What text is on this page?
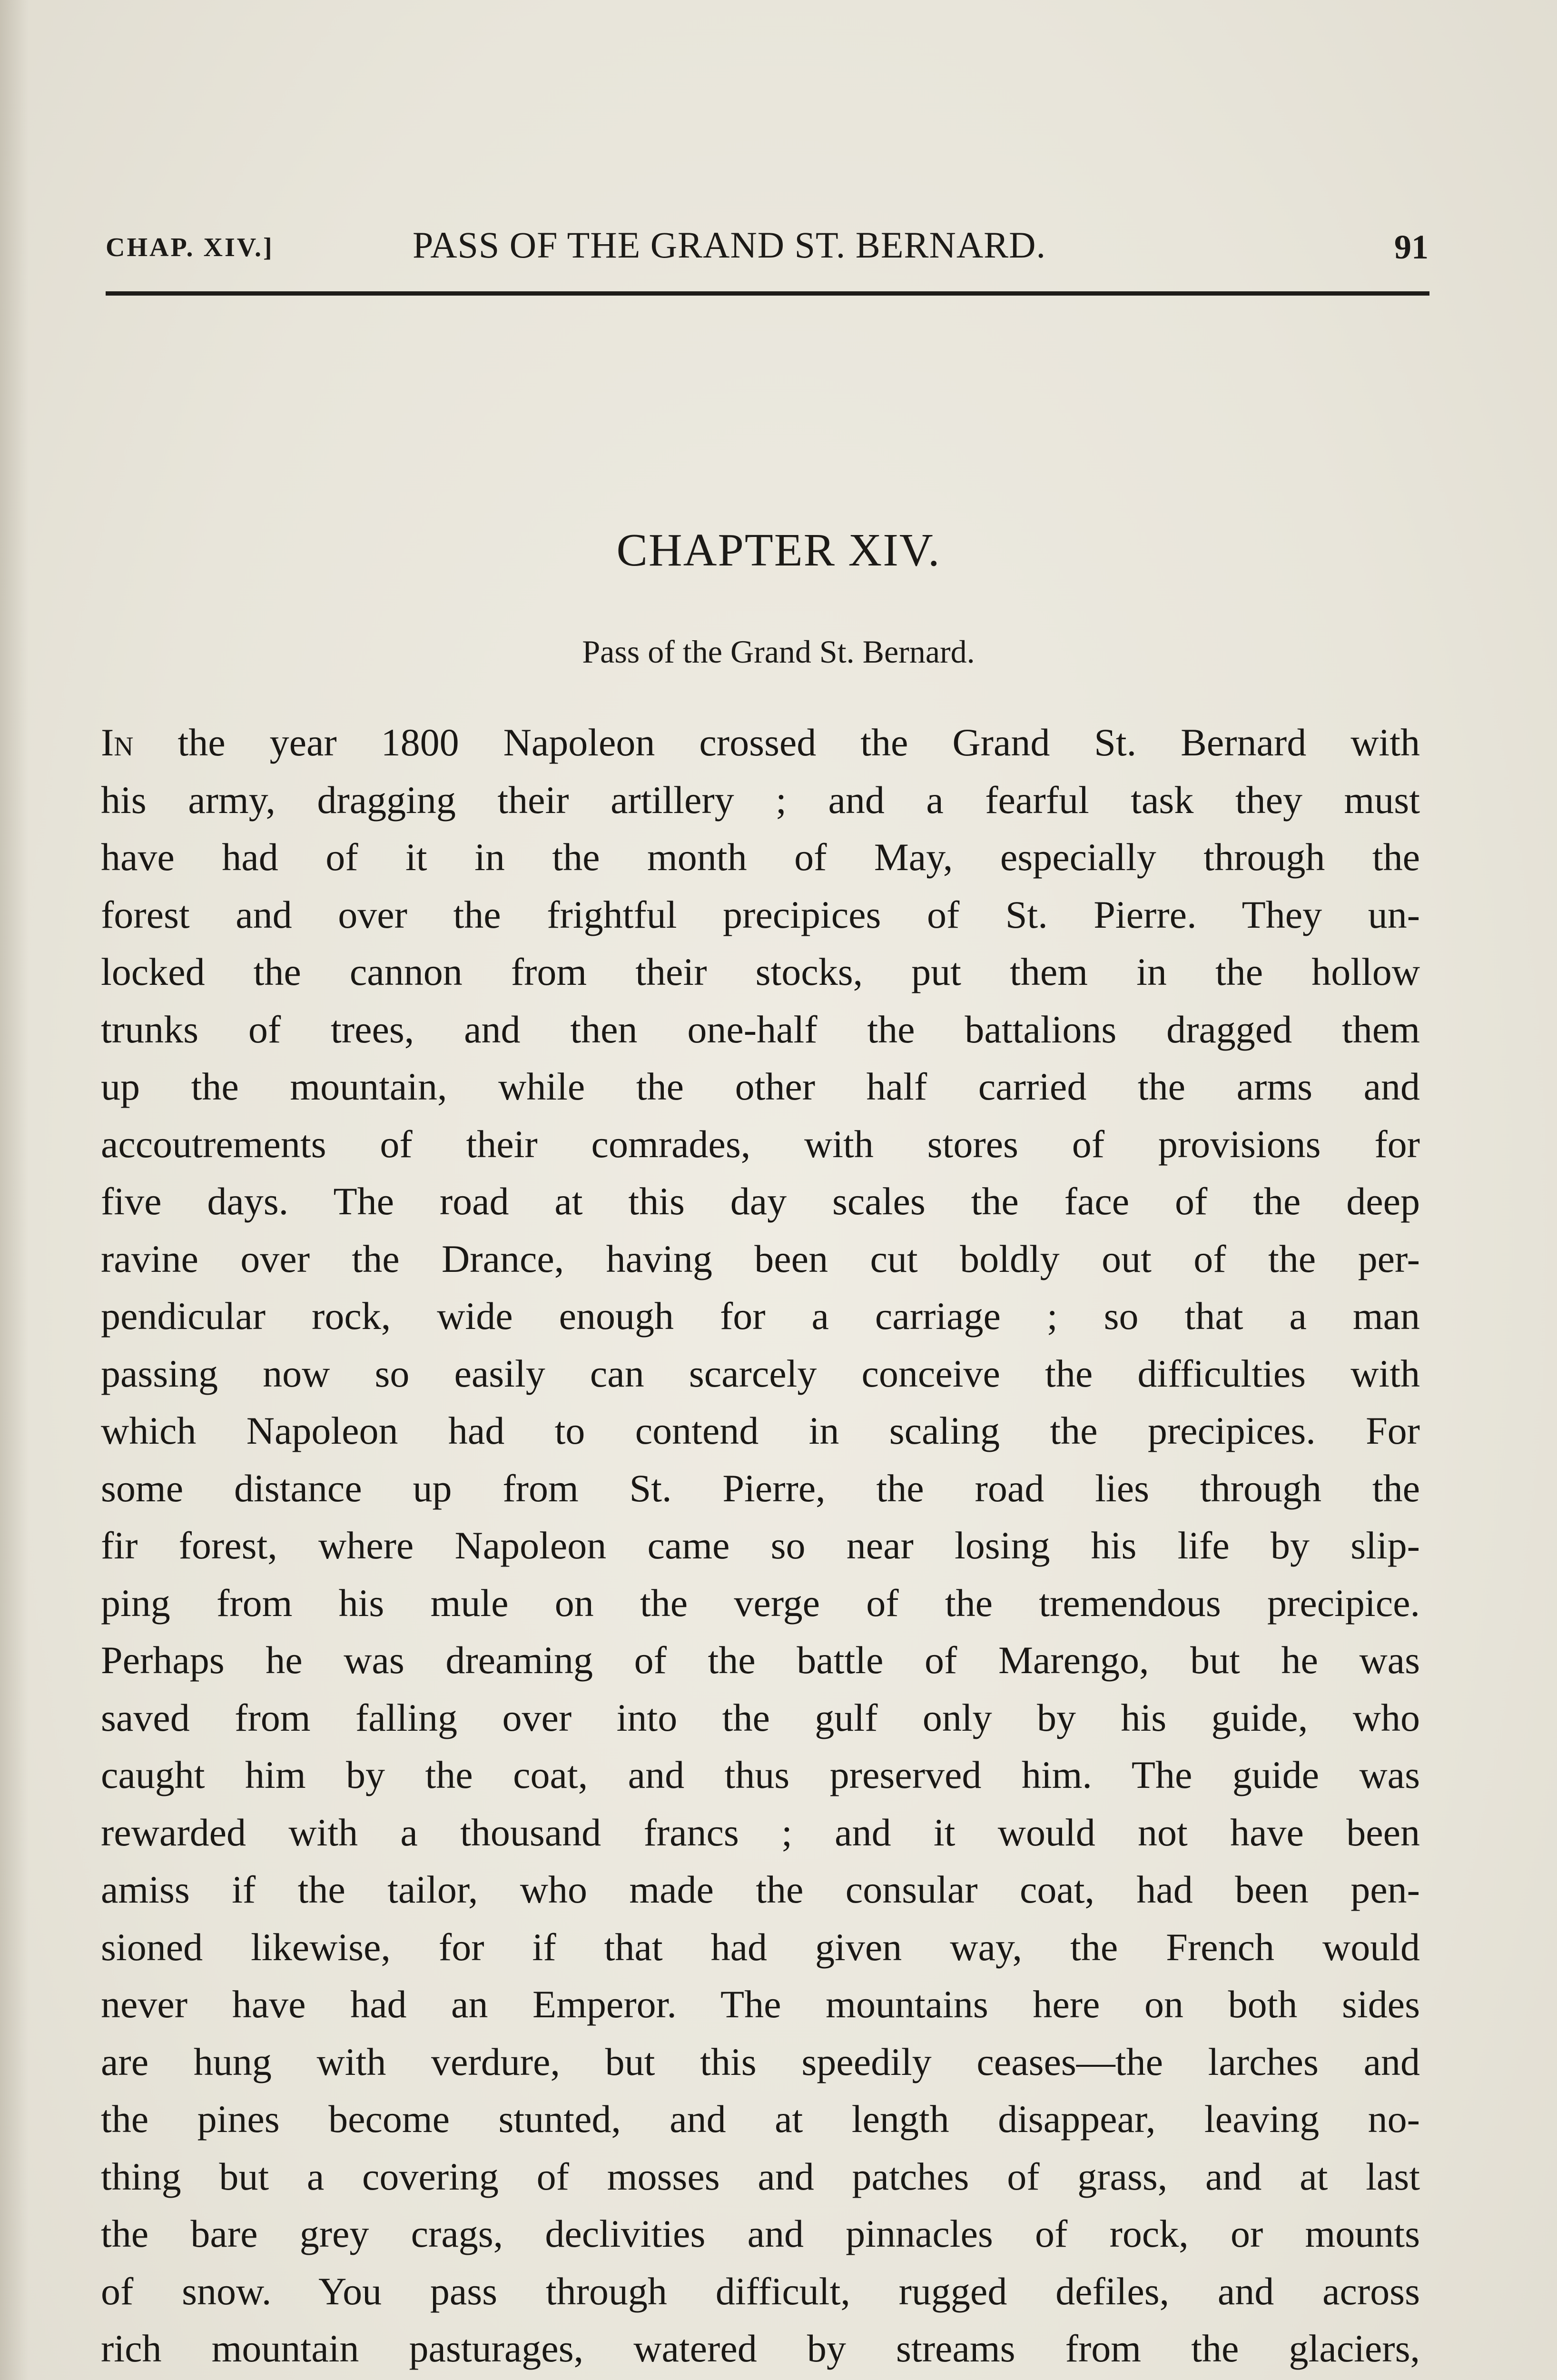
CHAP. XIV.]	PASS OF THE GRAND ST. BERNARD.	91
CHAPTER XIV.
Pass of the Grand St. Bernard.
In the year 1800 Napoleon crossed the Grand St. Bernard with
his army, dragging their artillery ; and a fearful task they must
have had of it in the month of May, especially through the
forest and over the frightful precipices of St. Pierre. They un-
locked the cannon from their stocks, put them in the hollow
trunks of trees, and then one-half the battalions dragged them
up the mountain, while the other half carried the arms and
accoutrements of their comrades, with stores of provisions for
five days. The road at this day scales the face of the deep
ravine over the Drance, having been cut boldly out of the per-
pendicular rock, wide enough for a carriage ; so that a man
passing now so easily can scarcely conceive the difficulties with
which Napoleon had to contend in scaling the precipices. For
some distance up from St. Pierre, the road lies through the
fir forest, where Napoleon came so near losing his life by slip-
ping from his mule on the verge of the tremendous precipice.
Perhaps he was dreaming of the battle of Marengo, but he was
saved from falling over into the gulf only by his guide, who
caught him by the coat, and thus preserved him. The guide was
rewarded with a thousand francs ; and it would not have been
amiss if the tailor, who made the consular coat, had been pen-
sioned likewise, for if that had given way, the French would
never have had an Emperor. The mountains here on both sides
are hung with verdure, but this speedily ceases—the larches and
the pines become stunted, and at length disappear, leaving no-
thing but a covering of mosses and patches of grass, and at last
the bare grey crags, declivities and pinnacles of rock, or mounts
of snow. You pass through difficult, rugged defiles, and across
rich mountain pasturages, watered by streams from the glaciers,
